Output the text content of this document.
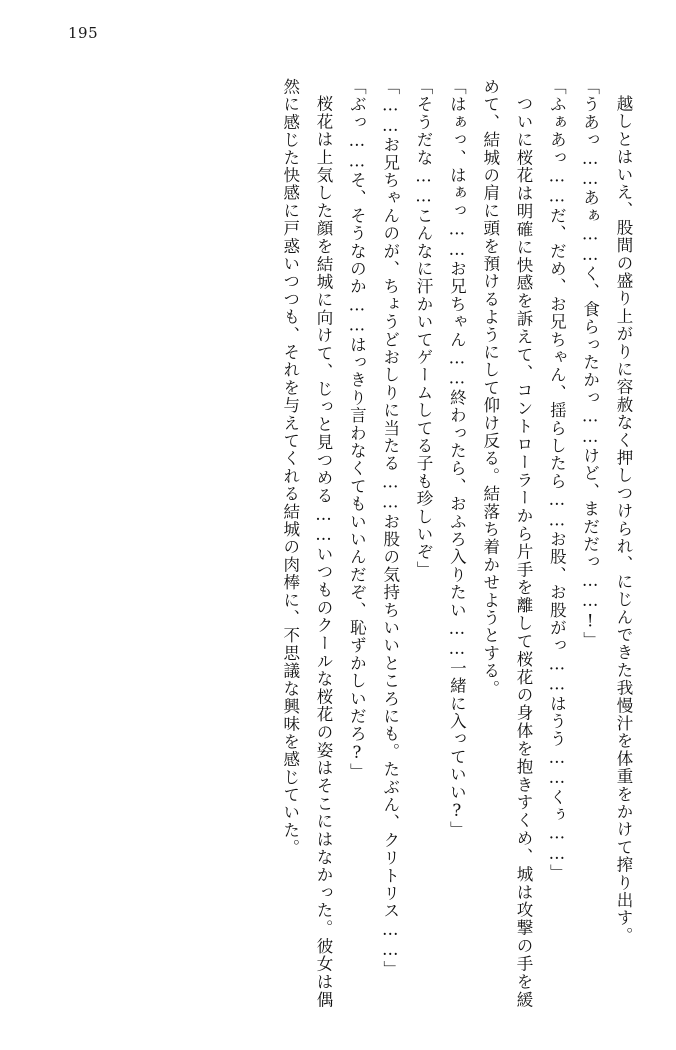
195

越しとはいえ、股間の盛り上がりに容赦なく押しつけられ、にじんできた我慢汁を体重をかけて搾り出す。

「うあっ……あぁ……く、食らったかっ……けど、まだだっ……!」

「ふぁあっ……だ、だめ、お兄ちゃん、揺らしたら……お股、お股がっ……はうう……くぅ……」

ついに桜花は明確に快感を訴えて、コントローラーから片手を離して桜花の身体を抱きすくめ、城は攻撃の手を緩めて、結城の肩に頭を預けるようにして仰け反る。結落ち着かせようとする。

「はぁっ、はぁっ……お兄ちゃん……終わったら、おふろ入りたい……一緒に入っていい?」

「そうだな……こんなに汗かいてゲームしてる子も珍しいぞ」

「……お兄ちゃんのが、ちょうどおしりに当たる……お股の気持ちいいところにも。たぶん、クリトリス……」

「ぶっ……そ、そうなのか……はっきり言わなくてもいいんだぞ、恥ずかしいだろ?」

桜花は上気した顔を結城に向けて、じっと見つめる……いつものクールな桜花の姿はそこにはなかった。彼女は偶然に感じた快感に戸惑いつつも、それを与えてくれる結城の肉棒に、不思議な興味を感じていた。
